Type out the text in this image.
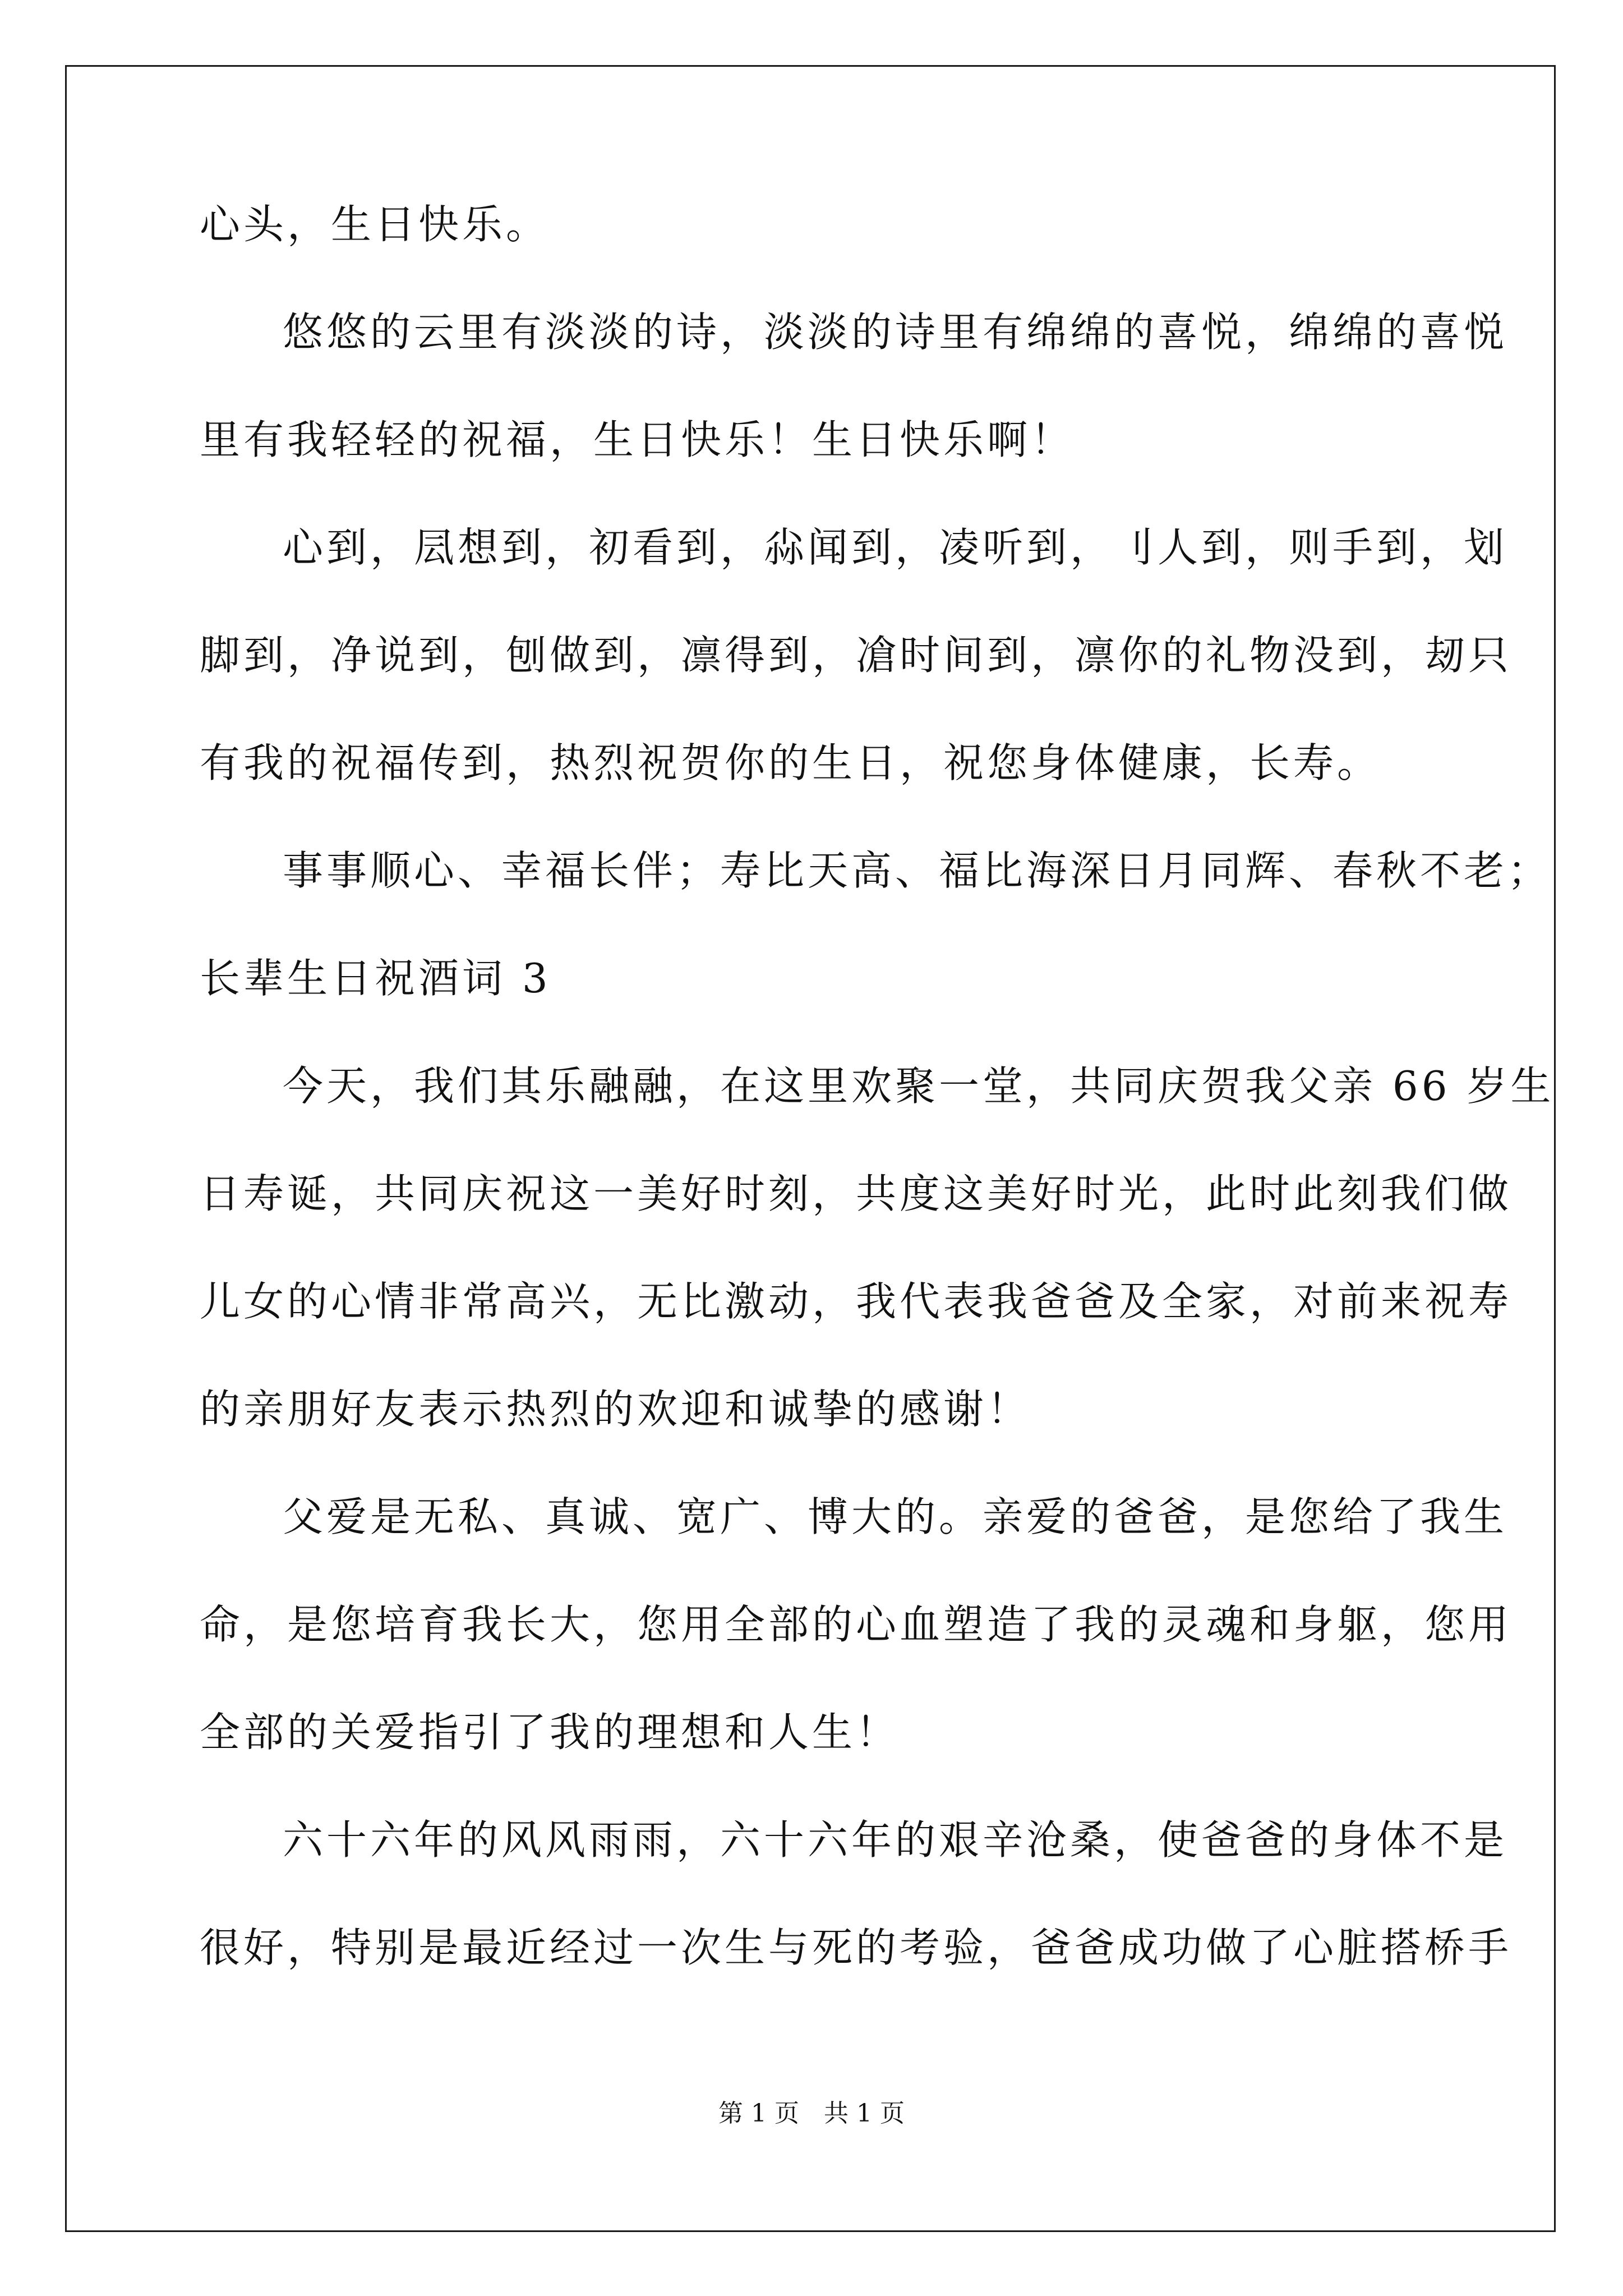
心头，生日快乐。
悠悠的云里有淡淡的诗，淡淡的诗里有绵绵的喜悦，绵绵的喜悦
里有我轻轻的祝福，生日快乐！生日快乐啊！
心到，凨想到，初看到，尛闻到，凌听到，刂人到，则手到，划
脚到，净说到，刨做到，凛得到，凔时间到，凛你的礼物没到，刼只
有我的祝福传到，热烈祝贺你的生日，祝您身体健康，长寿。
事事顺心、幸福长伴；寿比天高、福比海深日月同辉、春秋不老；
长辈生日祝酒词 3
今天，我们其乐融融，在这里欢聚一堂，共同庆贺我父亲 66 岁生
日寿诞，共同庆祝这一美好时刻，共度这美好时光，此时此刻我们做
儿女的心情非常高兴，无比激动，我代表我爸爸及全家，对前来祝寿
的亲朋好友表示热烈的欢迎和诚挚的感谢！
父爱是无私、真诚、宽广、博大的。亲爱的爸爸，是您给了我生
命，是您培育我长大，您用全部的心血塑造了我的灵魂和身躯，您用
全部的关爱指引了我的理想和人生！
六十六年的风风雨雨，六十六年的艰辛沧桑，使爸爸的身体不是
很好，特别是最近经过一次生与死的考验，爸爸成功做了心脏搭桥手
第 1 页　共 1 页
